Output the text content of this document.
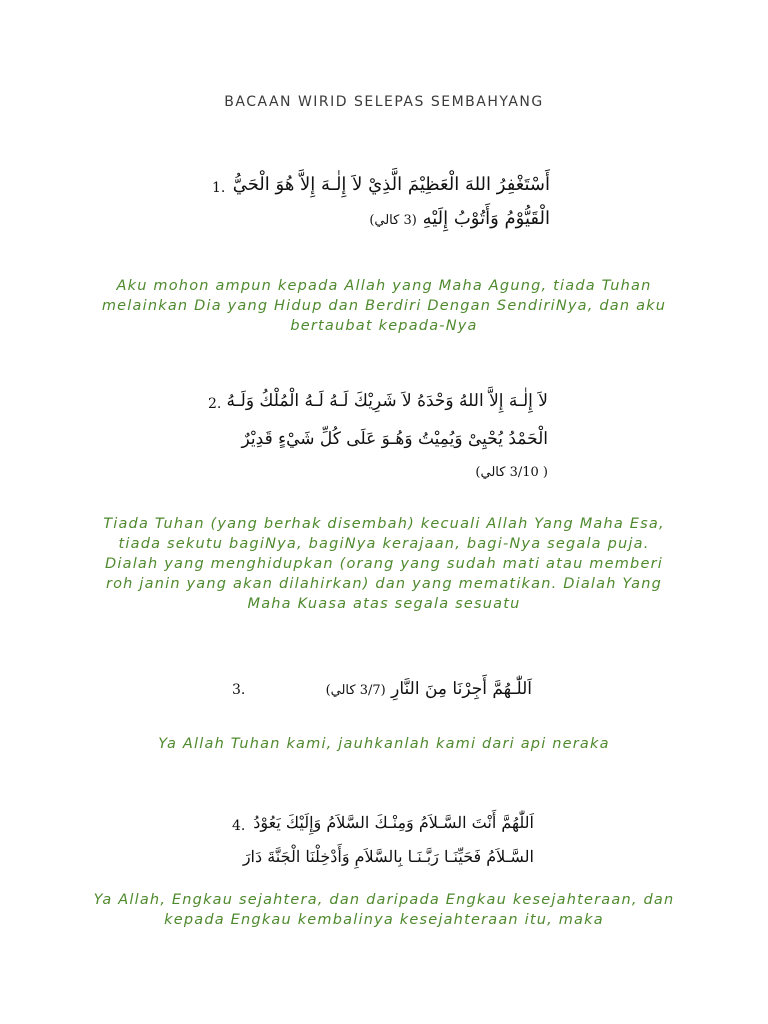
BACAAN WIRID SELEPAS SEMBAHYANG
1. أَسْتَغْفِرُ اللهَ الْعَظِيْمَ الَّذِيْ لاَ إِلٰـهَ إِلاَّ هُوَ الْحَيُّ
الْقَيُّوْمُ وَأَتُوْبُ إِلَيْهِ (3 كالي)
Aku mohon ampun kepada Allah yang Maha Agung, tiada Tuhan melainkan Dia yang Hidup dan Berdiri Dengan SendiriNya, dan aku bertaubat kepada-Nya
2. لاَ إِلٰـهَ إِلاَّ اللهُ وَحْدَهُ لاَ شَرِيْكَ لَـهُ لَـهُ الْمُلْكُ وَلَـهُ
الْحَمْدُ يُحْيِىْ وَيُمِيْتُ وَهُـوَ عَلَى كُلِّ شَيْءٍ قَدِيْرٌ
( 3/10 كالي)
Tiada Tuhan (yang berhak disembah) kecuali Allah Yang Maha Esa, tiada sekutu bagiNya, bagiNya kerajaan, bagi-Nya segala puja. Dialah yang menghidupkan (orang yang sudah mati atau memberi roh janin yang akan dilahirkan) dan yang mematikan. Dialah Yang Maha Kuasa atas segala sesuatu
3.	اَللّٰـهُمَّ أَجِرْنَا مِنَ النَّارِ (3/7 كالي)
Ya Allah Tuhan kami, jauhkanlah kami dari api neraka
4. اَللّٰهُمَّ أَنْتَ السَّـلاَمُ وَمِنْـكَ السَّلاَمُ وَإِلَيْكَ يَعُوْدُ
السَّـلاَمُ فَحَيِّنَـا رَبَّـنَـا بِالسَّلاَمِ وَأَدْخِلْنَا الْجَنَّةَ دَارَ
Ya Allah, Engkau sejahtera, dan daripada Engkau kesejahteraan, dan kepada Engkau kembalinya kesejahteraan itu, maka
